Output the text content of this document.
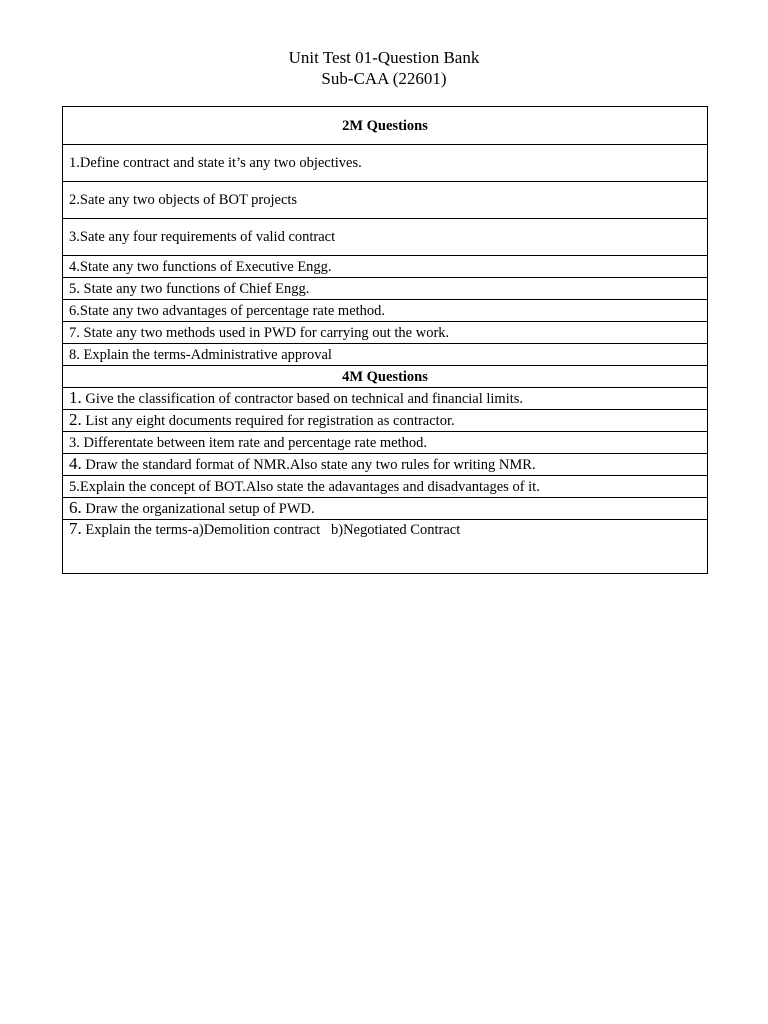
Unit Test 01-Question Bank
Sub-CAA (22601)
2M Questions
1.Define contract and state it’s any two objectives.
2.Sate any two objects of BOT projects
3.Sate any four requirements of valid contract
4.State any two functions of Executive Engg.
5. State any two functions of Chief Engg.
6.State any two advantages of percentage rate method.
7. State any two methods used in PWD for carrying out the work.
8. Explain the terms-Administrative approval
4M Questions
1. Give the classification of contractor based on technical and financial limits.
2. List any eight documents required for registration as contractor.
3. Differentate between item rate and percentage rate method.
4. Draw the standard format of NMR.Also state any two rules for writing NMR.
5.Explain the concept of BOT.Also state the adavantages and disadvantages of it.
6. Draw the organizational setup of PWD.
7. Explain the terms-a)Demolition contract   b)Negotiated Contract
